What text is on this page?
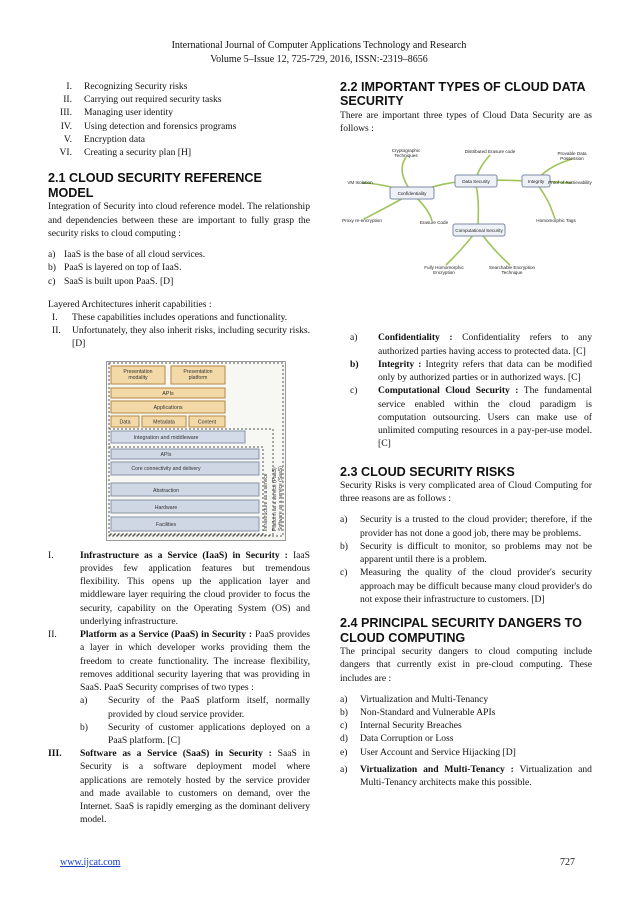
International Journal of Computer Applications Technology and Research
Volume 5–Issue 12, 725-729, 2016, ISSN:-2319–8656
I.	Recognizing Security risks
II.	Carrying out required security tasks
III.	Managing user identity
IV.	Using detection and forensics programs
V.	Encryption data
VI.	Creating a security plan [H]
2.1 CLOUD SECURITY REFERENCE MODEL

Integration of Security into cloud reference model. The relationship and dependencies between these are important to fully grasp the security risks to cloud computing :

a) IaaS is the base of all cloud services.
b) PaaS is layered on top of IaaS.
c) SaaS is built upon PaaS. [D]

Layered Architectures inherit capabilities :

I.	These capabilities includes operations and functionality.
II.	Unfortunately, they also inherit risks, including security risks. [D]
Presentation modality
Presentation platform
APIs
Applications
Data	Metadata	Content
Integration and middleware
APIs
Core connectivity and delivery
Abstraction
Hardware
Facilities	Infrastructure as a service Platform as a service (PaaS) Software as a service (SaaS)
I.	Infrastructure as a Service (IaaS) in Security : IaaS provides few application features but tremendous flexibility. This opens up the application layer and middleware layer requiring the cloud provider to focus the security, capability on the Operating System (OS) and underlying infrastructure.
II.	Platform as a Service (PaaS) in Security : PaaS provides a layer in which developer works providing them the freedom to create functionality. The increase flexibility, removes additional security layering that was providing in SaaS. PaaS Security comprises of two types :
a)	Security of the PaaS platform itself, normally provided by cloud service provider.
b)	Security of customer applications deployed on a PaaS platform. [C]
III.	Software as a Service (SaaS) in Security : SaaS in Security is a software deployment model where applications are remotely hosted by the service provider and made available to customers on demand, over the Internet. SaaS is rapidly emerging as the dominant delivery model.
2.2 IMPORTANT TYPES OF CLOUD DATA SECURITY

There are important three types of Cloud Data Security are as follows :

Data Security
Confidentiality
Integrity
Computational Security
Cryptographic Techniques
VM Isolation
Proxy re-encryption	Erasure Code
Distributed Erasure code	Provable Data Possession
Proof of Retrievability
Homomorphic Tags
Fully Homomorphic Encryption
Searchable Encryption Technique
a)	Confidentiality : Confidentiality refers to any authorized parties having access to protected data. [C]
b)	Integrity : Integrity refers that data can be modified only by authorized parties or in authorized ways. [C]
c)	Computational Cloud Security : The fundamental service enabled within the cloud paradigm is computation outsourcing. Users can make use of unlimited computing resources in a pay-per-use model. [C]
2.3 CLOUD SECURITY RISKS

Security Risks is very complicated area of Cloud Computing for three reasons are as follows :

a)	Security is a trusted to the cloud provider; therefore, if the provider has not done a good job, there may be problems.
b)	Security is difficult to monitor, so problems may not be apparent until there is a problem.
c)	Measuring the quality of the cloud provider's security approach may be difficult because many cloud provider's do not expose their infrastructure to customers. [D]
2.4 PRINCIPAL SECURITY DANGERS TO CLOUD COMPUTING

The principal security dangers to cloud computing include dangers that currently exist in pre-cloud computing. These includes are :

a)	Virtualization and Multi-Tenancy
b)	Non-Standard and Vulnerable APIs
c)	Internal Security Breaches
d)	Data Corruption or Loss
e)	User Account and Service Hijacking [D]
a)	Virtualization and Multi-Tenancy : Virtualization and Multi-Tenancy architects make this possible.
www.ijcat.com	727
